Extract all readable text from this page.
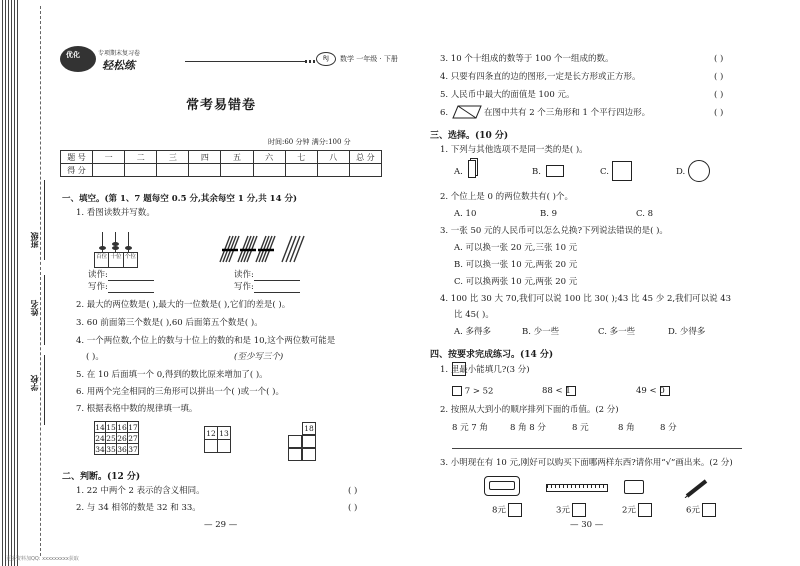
班级
姓名
学校
优化	专项期末复习卷
轻松练
RJ	数学 一年级 · 下册
常考易错卷
时间:60 分钟 满分:100 分
题 号	一	二	三	四	五	六	七	八	总 分
得 分									
一、填空。(第 1、7 题每空 0.5 分,其余每空 1 分,共 14 分)
1. 看图读数并写数。
百位 十位 个位
读作:
写作:
读作:
写作:
2. 最大的两位数是( ),最大的一位数是( ),它们的差是( )。
3. 60 前面第三个数是( ),60 后面第五个数是( )。
4. 一个两位数,个位上的数与十位上的数的和是 10,这个两位数可能是
( )。	(至少写三个)
5. 在 10 后面填一个 0,得到的数比原来增加了( )。
6. 用两个完全相同的三角形可以拼出一个( )或一个( )。
7. 根据表格中数的规律填一填。
14	15	16	17
24	25	26	27
34	35	36	37
12	13
		18
二、判断。(12 分)
1. 22 中两个 2 表示的含义相同。	( )
2. 与 34 相邻的数是 32 和 33。	( )
— 29 —
3. 10 个十组成的数等于 100 个一组成的数。	( )
4. 只要有四条直的边的图形,一定是长方形或正方形。	( )
5. 人民币中最大的面值是 100 元。	( )
6.	在图中共有 2 个三角形和 1 个平行四边形。	( )
三、选择。(10 分)
1. 下列与其他选项不是同一类的是( )。
A.	B.	C.	D.
2. 个位上是 0 的两位数共有( )个。
A. 10	B. 9	C. 8
3. 一张 50 元的人民币可以怎么兑换?下列说法错误的是( )。
A. 可以换一张 20 元,三张 10 元
B. 可以换一张 10 元,两张 20 元
C. 可以换两张 10 元,两张 20 元
4. 100 比 30 大 70,我们可以说 100 比 30( );43 比 45 少 2,我们可以说 43
比 45( )。
A. 多得多	B. 少一些	C. 多一些	D. 少得多
四、按要求完成练习。(14 分)
1. 里最小能填几?(3 分)
7 > 52	88 < 1	49 < 0
2. 按照从大到小的顺序排列下面的币值。(2 分)
8 元 7 角	8 角 8 分	8 元	8 角	8 分
3. 小明现在有 10 元,刚好可以购买下面哪两样东西?请你用“√”画出来。(2 分)
8元	3元	2元	6元
— 30 —
更多资料加QQ: xxxxxxxxx获取
